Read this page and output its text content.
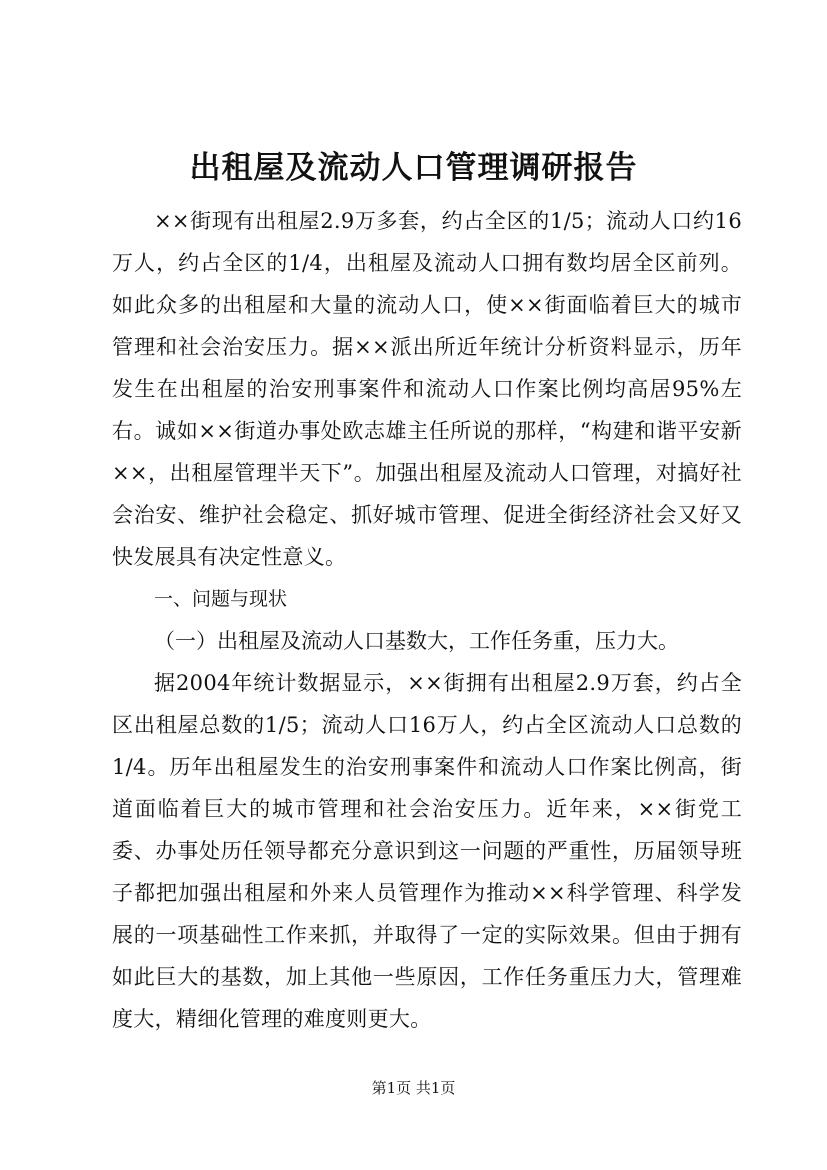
出租屋及流动人口管理调研报告

××街现有出租屋2.9万多套，约占全区的1/5；流动人口约16万人，约占全区的1/4，出租屋及流动人口拥有数均居全区前列。如此众多的出租屋和大量的流动人口，使××街面临着巨大的城市管理和社会治安压力。据××派出所近年统计分析资料显示，历年发生在出租屋的治安刑事案件和流动人口作案比例均高居95%左右。诚如××街道办事处欧志雄主任所说的那样，“构建和谐平安新××，出租屋管理半天下”。加强出租屋及流动人口管理，对搞好社会治安、维护社会稳定、抓好城市管理、促进全街经济社会又好又快发展具有决定性意义。

一、问题与现状

（一）出租屋及流动人口基数大，工作任务重，压力大。

据2004年统计数据显示，××街拥有出租屋2.9万套，约占全区出租屋总数的1/5；流动人口16万人，约占全区流动人口总数的1/4。历年出租屋发生的治安刑事案件和流动人口作案比例高，街道面临着巨大的城市管理和社会治安压力。近年来，××街党工委、办事处历任领导都充分意识到这一问题的严重性，历届领导班子都把加强出租屋和外来人员管理作为推动××科学管理、科学发展的一项基础性工作来抓，并取得了一定的实际效果。但由于拥有如此巨大的基数，加上其他一些原因，工作任务重压力大，管理难度大，精细化管理的难度则更大。

第1页 共1页
